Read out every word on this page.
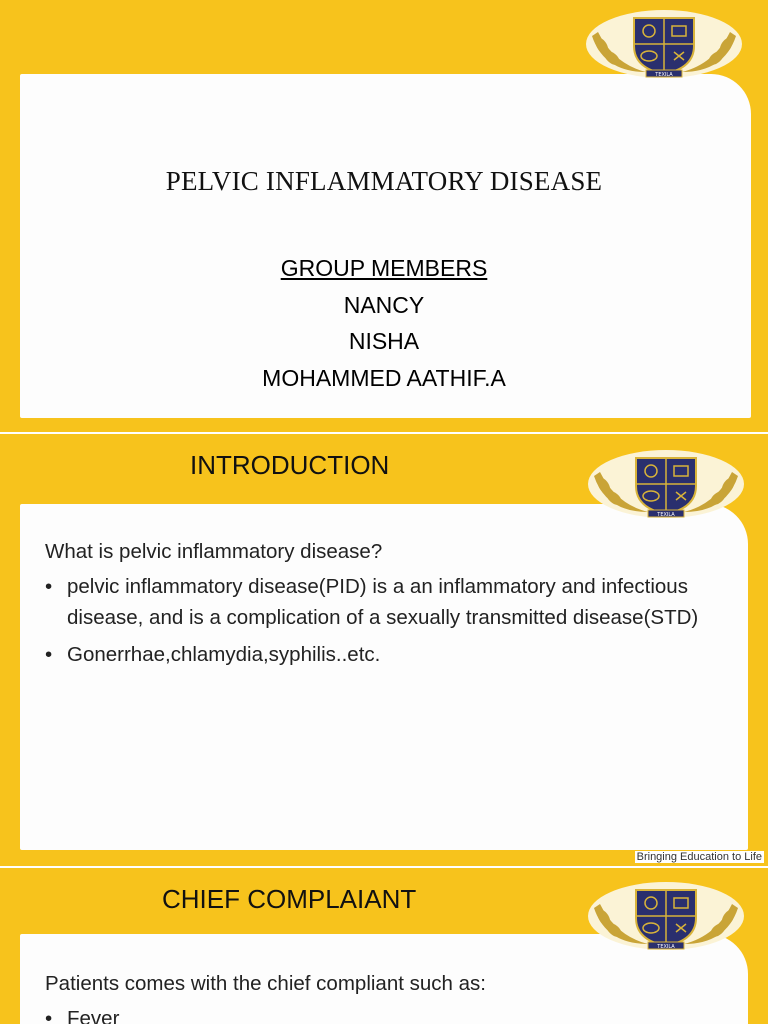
TEXILA
PELVIC INFLAMMATORY DISEASE
GROUP MEMBERS
NANCY
NISHA
MOHAMMED AATHIF.A
TEXILA
INTRODUCTION
What is pelvic inflammatory disease?
• pelvic inflammatory disease(PID) is a an inflammatory and infectious disease, and is a complication of a sexually transmitted disease(STD)
• Gonerrhae,chlamydia,syphilis..etc.
Bringing Education to Life
TEXILA
CHIEF COMPLAIANT
Patients comes with the chief compliant such as:
• Fever
